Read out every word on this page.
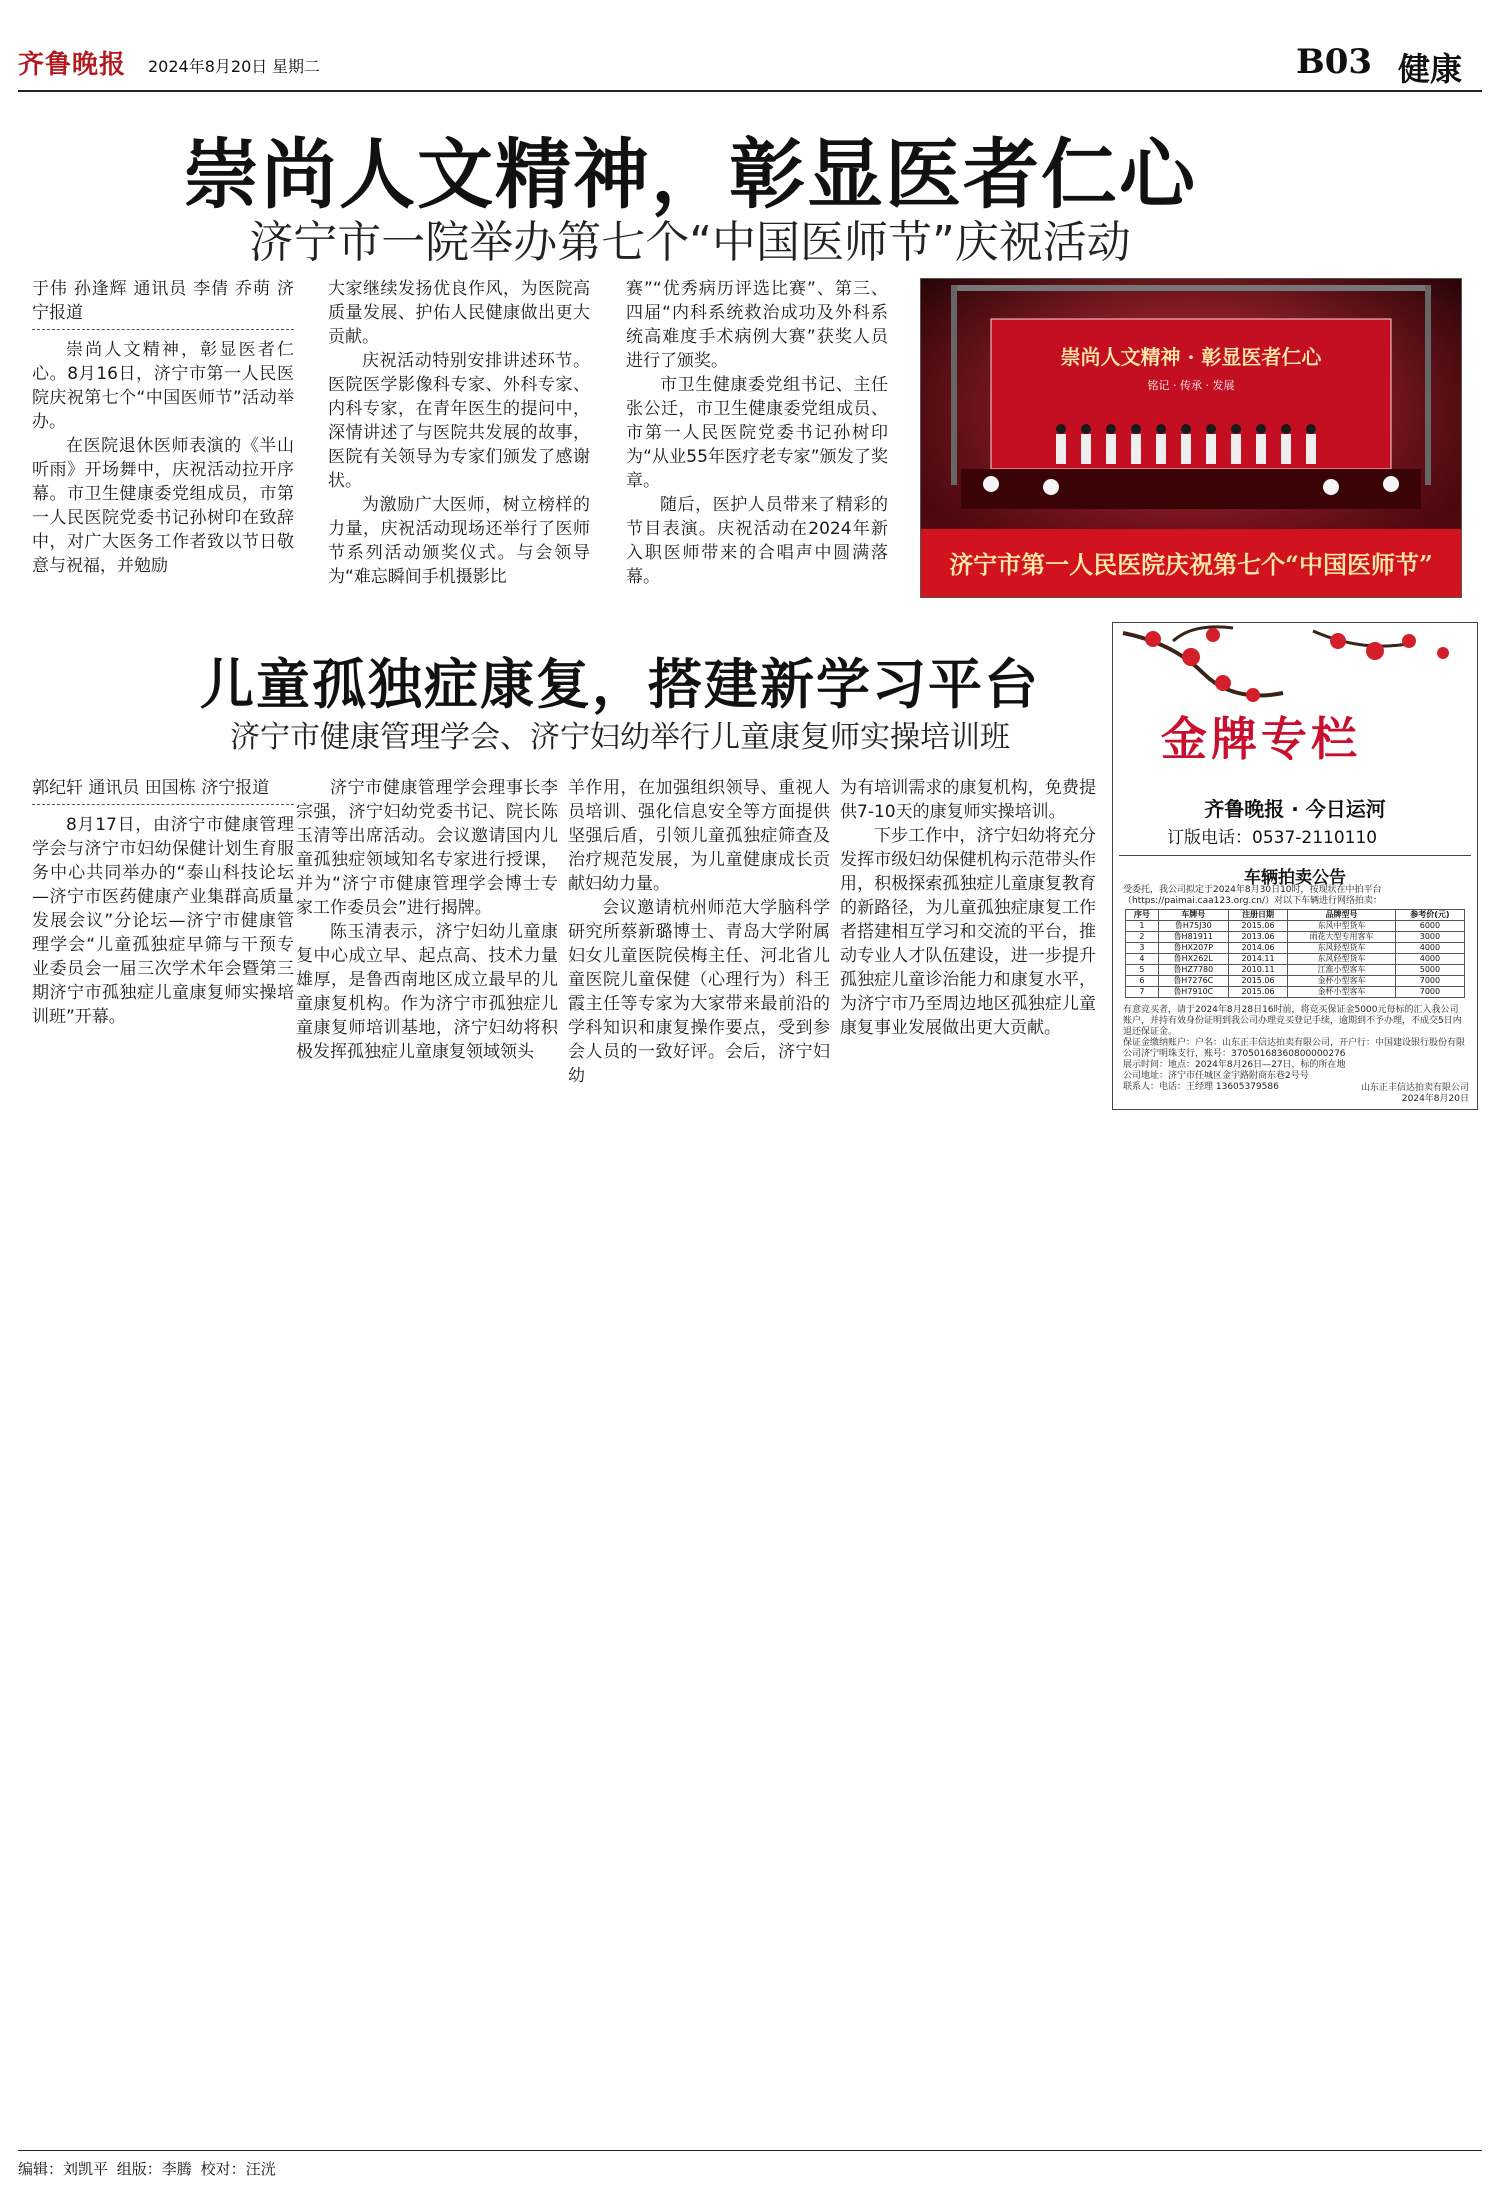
齐鲁晚报 2024年8月20日 星期二	B03 健康
崇尚人文精神，彰显医者仁心
济宁市一院举办第七个“中国医师节”庆祝活动
于伟 孙逢辉 通讯员 李倩 乔萌 济宁报道

崇尚人文精神，彰显医者仁心。8月16日，济宁市第一人民医院庆祝第七个“中国医师节”活动举办。

在医院退休医师表演的《半山听雨》开场舞中，庆祝活动拉开序幕。市卫生健康委党组成员，市第一人民医院党委书记孙树印在致辞中，对广大医务工作者致以节日敬意与祝福，并勉励

大家继续发扬优良作风，为医院高质量发展、护佑人民健康做出更大贡献。

庆祝活动特别安排讲述环节。医院医学影像科专家、外科专家、内科专家，在青年医生的提问中，深情讲述了与医院共发展的故事，医院有关领导为专家们颁发了感谢状。

为激励广大医师，树立榜样的力量，庆祝活动现场还举行了医师节系列活动颁奖仪式。与会领导为“难忘瞬间手机摄影比

赛”“优秀病历评选比赛”、第三、四届“内科系统救治成功及外科系统高难度手术病例大赛”获奖人员进行了颁奖。

市卫生健康委党组书记、主任张公迁，市卫生健康委党组成员、市第一人民医院党委书记孙树印为“从业55年医疗老专家”颁发了奖章。

随后，医护人员带来了精彩的节目表演。庆祝活动在2024年新入职医师带来的合唱声中圆满落幕。

崇尚人文精神 · 彰显医者仁心
铭记 · 传承 · 发展
济宁市第一人民医院庆祝第七个“中国医师节”
儿童孤独症康复，搭建新学习平台
济宁市健康管理学会、济宁妇幼举行儿童康复师实操培训班
郭纪轩 通讯员 田国栋 济宁报道

8月17日，由济宁市健康管理学会与济宁市妇幼保健计划生育服务中心共同举办的“泰山科技论坛—济宁市医药健康产业集群高质量发展会议”分论坛—济宁市健康管理学会“儿童孤独症早筛与干预专业委员会一届三次学术年会暨第三期济宁市孤独症儿童康复师实操培训班”开幕。

济宁市健康管理学会理事长李宗强，济宁妇幼党委书记、院长陈玉清等出席活动。会议邀请国内儿童孤独症领域知名专家进行授课，并为“济宁市健康管理学会博士专家工作委员会”进行揭牌。

陈玉清表示，济宁妇幼儿童康复中心成立早、起点高、技术力量雄厚，是鲁西南地区成立最早的儿童康复机构。作为济宁市孤独症儿童康复师培训基地，济宁妇幼将积极发挥孤独症儿童康复领域领头

羊作用，在加强组织领导、重视人员培训、强化信息安全等方面提供坚强后盾，引领儿童孤独症筛查及治疗规范发展，为儿童健康成长贡献妇幼力量。

会议邀请杭州师范大学脑科学研究所蔡新璐博士、青岛大学附属妇女儿童医院侯梅主任、河北省儿童医院儿童保健（心理行为）科王霞主任等专家为大家带来最前沿的学科知识和康复操作要点，受到参会人员的一致好评。会后，济宁妇幼

为有培训需求的康复机构，免费提供7-10天的康复师实操培训。

下步工作中，济宁妇幼将充分发挥市级妇幼保健机构示范带头作用，积极探索孤独症儿童康复教育的新路径，为儿童孤独症康复工作者搭建相互学习和交流的平台，推动专业人才队伍建设，进一步提升孤独症儿童诊治能力和康复水平，为济宁市乃至周边地区孤独症儿童康复事业发展做出更大贡献。

金牌专栏
齐鲁晚报 · 今日运河
订版电话：0537-2110110
车辆拍卖公告
受委托，我公司拟定于2024年8月30日10时，按现状在中拍平台（https://paimai.caa123.org.cn/）对以下车辆进行网络拍卖：
序号	车牌号	注册日期	品牌型号	参考价(元)
1	鲁H75J30	2015.06	东风中型货车	6000
2	鲁H81911	2013.06	雨花大型专用客车	3000
3	鲁HX207P	2014.06	东风轻型货车	4000
4	鲁HX262L	2014.11	东风轻型货车	4000
5	鲁HZ7780	2010.11	江淮小型客车	5000
6	鲁H7276C	2015.06	金杯小型客车	7000
7	鲁H7910C	2015.06	金杯小型客车	7000
有意竞买者，请于2024年8月28日16时前，将竞买保证金5000元每标的汇入我公司账户，并持有效身份证明到我公司办理竞买登记手续，逾期到不予办理，不成交5日内退还保证金。
保证金缴纳账户：户名：山东正丰信达拍卖有限公司，开户行：中国建设银行股份有限公司济宁明珠支行，账号：37050168360800000276
展示时间：地点：2024年8月26日—27日，标的所在地
公司地址：济宁市任城区金宇路附商东巷2号号
联系人：电话：王经理 13605379586	山东正丰信达拍卖有限公司
2024年8月20日
编辑：刘凯平 组版：李腾 校对：汪洸
